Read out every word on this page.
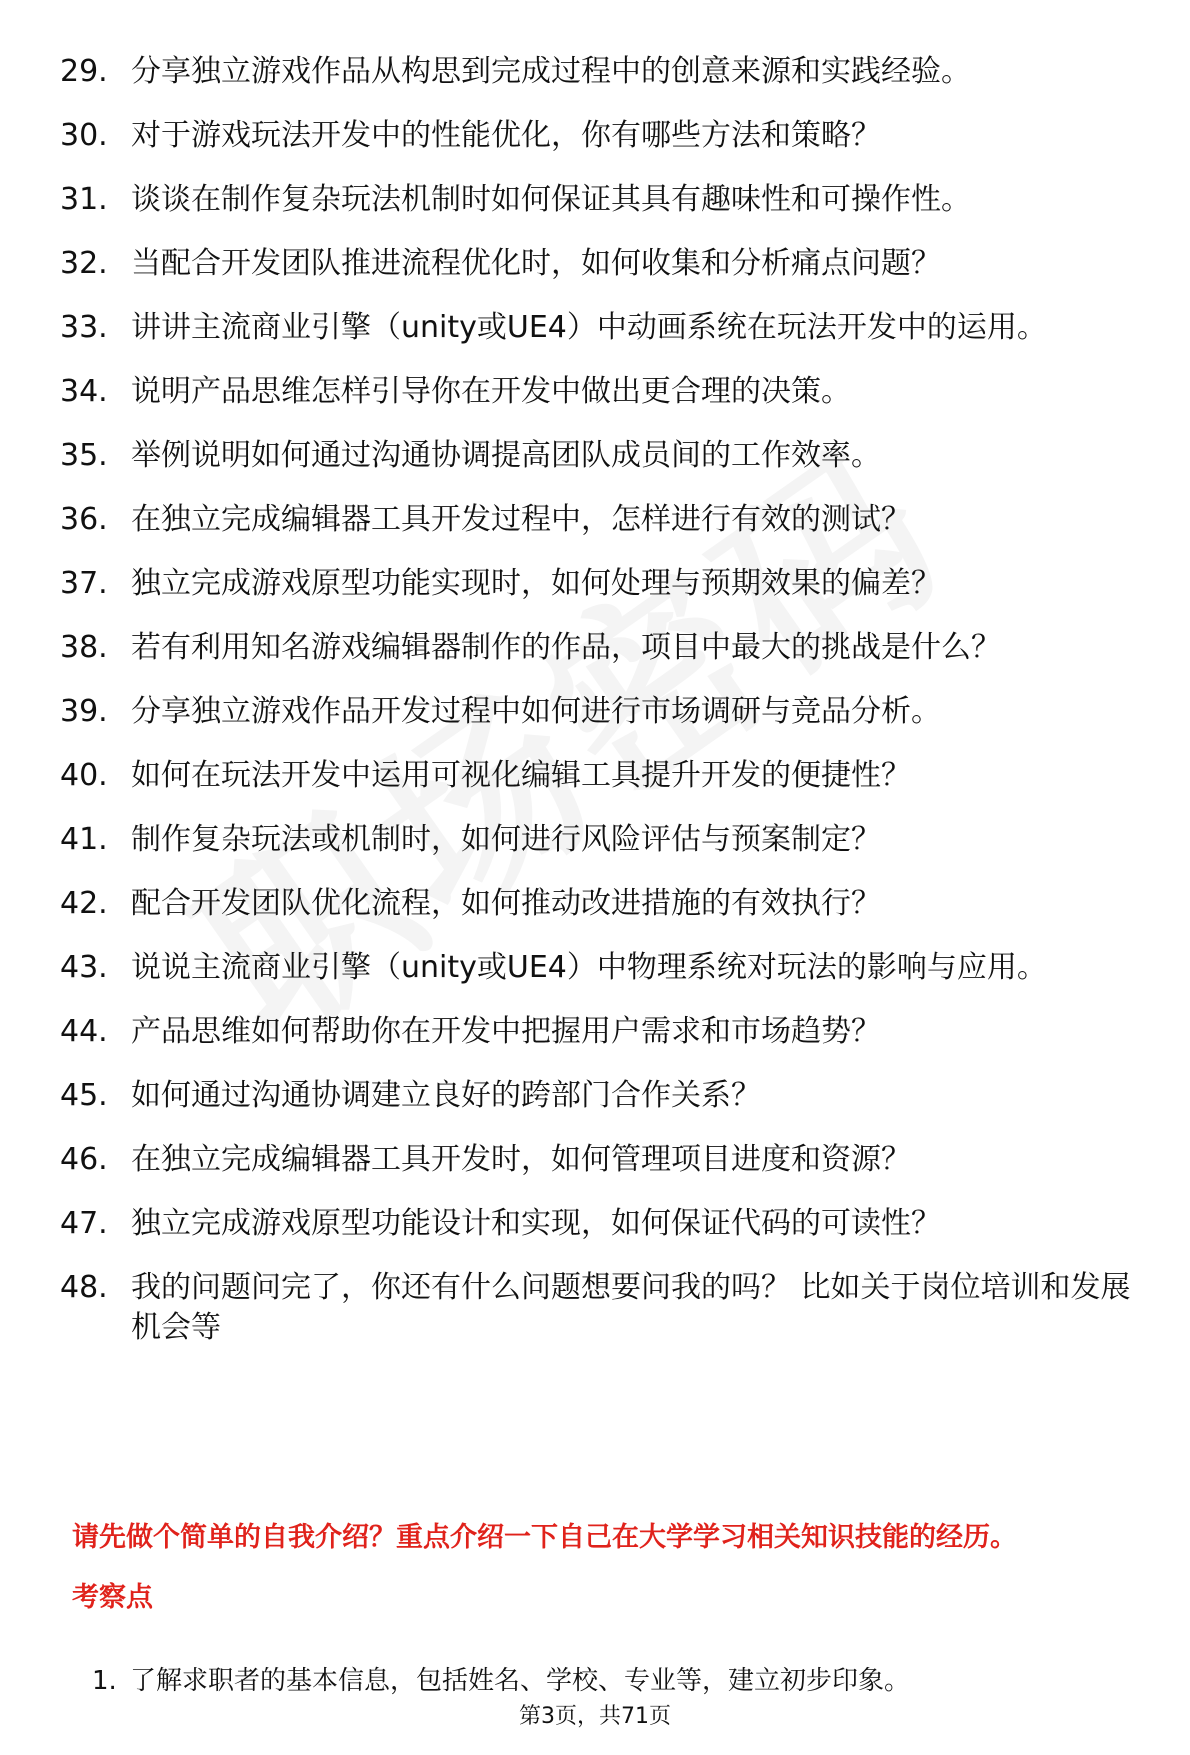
29. 分享独立游戏作品从构思到完成过程中的创意来源和实践经验。
30. 对于游戏玩法开发中的性能优化，你有哪些方法和策略？
31. 谈谈在制作复杂玩法机制时如何保证其具有趣味性和可操作性。
32. 当配合开发团队推进流程优化时，如何收集和分析痛点问题？
33. 讲讲主流商业引擎（unity或UE4）中动画系统在玩法开发中的运用。
34. 说明产品思维怎样引导你在开发中做出更合理的决策。
35. 举例说明如何通过沟通协调提高团队成员间的工作效率。
36. 在独立完成编辑器工具开发过程中，怎样进行有效的测试？
37. 独立完成游戏原型功能实现时，如何处理与预期效果的偏差？
38. 若有利用知名游戏编辑器制作的作品，项目中最大的挑战是什么？
39. 分享独立游戏作品开发过程中如何进行市场调研与竞品分析。
40. 如何在玩法开发中运用可视化编辑工具提升开发的便捷性？
41. 制作复杂玩法或机制时，如何进行风险评估与预案制定？
42. 配合开发团队优化流程，如何推动改进措施的有效执行？
43. 说说主流商业引擎（unity或UE4）中物理系统对玩法的影响与应用。
44. 产品思维如何帮助你在开发中把握用户需求和市场趋势？
45. 如何通过沟通协调建立良好的跨部门合作关系？
46. 在独立完成编辑器工具开发时，如何管理项目进度和资源？
47. 独立完成游戏原型功能设计和实现，如何保证代码的可读性？
48. 我的问题问完了，你还有什么问题想要问我的吗？ 比如关于岗位培训和发展机会等
请先做个简单的自我介绍？重点介绍一下自己在大学学习相关知识技能的经历。
考察点
1. 了解求职者的基本信息，包括姓名、学校、专业等，建立初步印象。
第3页，共71页
